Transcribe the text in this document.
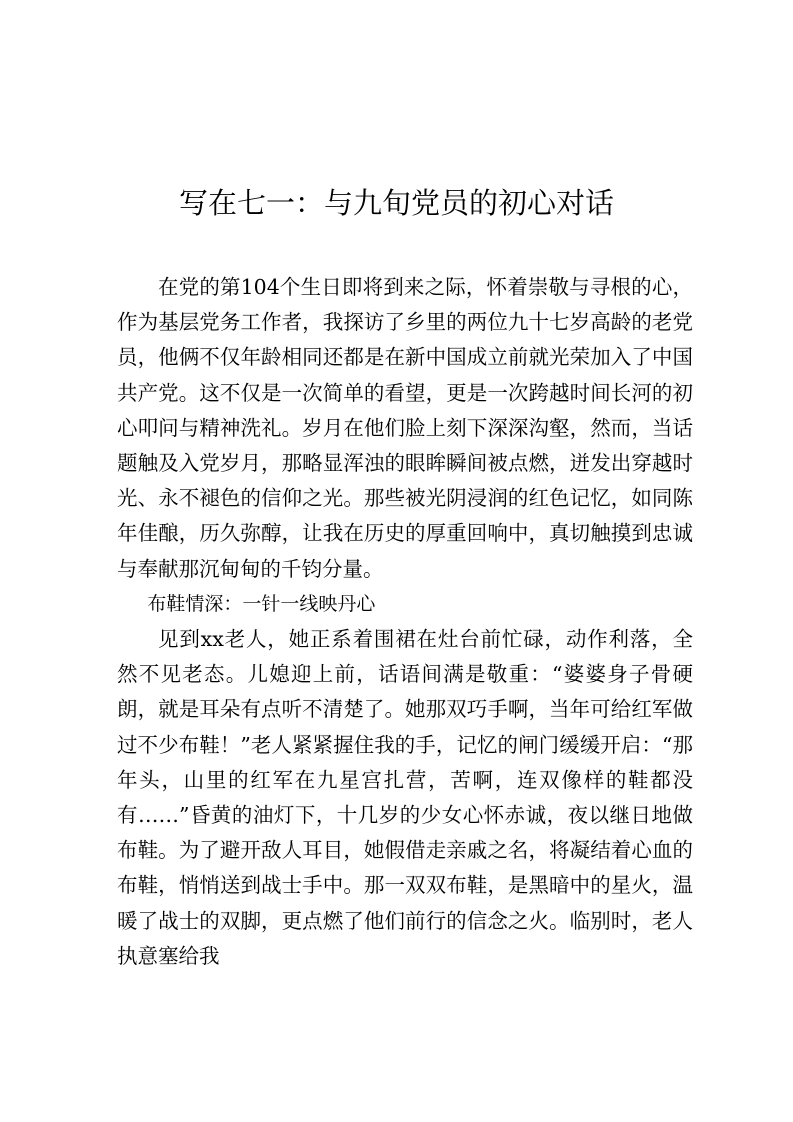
写在七一：与九旬党员的初心对话

在党的第104个生日即将到来之际，怀着崇敬与寻根的心，作为基层党务工作者，我探访了乡里的两位九十七岁高龄的老党员，他俩不仅年龄相同还都是在新中国成立前就光荣加入了中国共产党。这不仅是一次简单的看望，更是一次跨越时间长河的初心叩问与精神洗礼。岁月在他们脸上刻下深深沟壑，然而，当话题触及入党岁月，那略显浑浊的眼眸瞬间被点燃，迸发出穿越时光、永不褪色的信仰之光。那些被光阴浸润的红色记忆，如同陈年佳酿，历久弥醇，让我在历史的厚重回响中，真切触摸到忠诚与奉献那沉甸甸的千钧分量。

布鞋情深：一针一线映丹心

见到xx老人，她正系着围裙在灶台前忙碌，动作利落，全然不见老态。儿媳迎上前，话语间满是敬重：“婆婆身子骨硬朗，就是耳朵有点听不清楚了。她那双巧手啊，当年可给红军做过不少布鞋！”老人紧紧握住我的手，记忆的闸门缓缓开启：“那年头，山里的红军在九星宫扎营，苦啊，连双像样的鞋都没有……”昏黄的油灯下，十几岁的少女心怀赤诚，夜以继日地做布鞋。为了避开敌人耳目，她假借走亲戚之名，将凝结着心血的布鞋，悄悄送到战士手中。那一双双布鞋，是黑暗中的星火，温暖了战士的双脚，更点燃了他们前行的信念之火。临别时，老人执意塞给我
